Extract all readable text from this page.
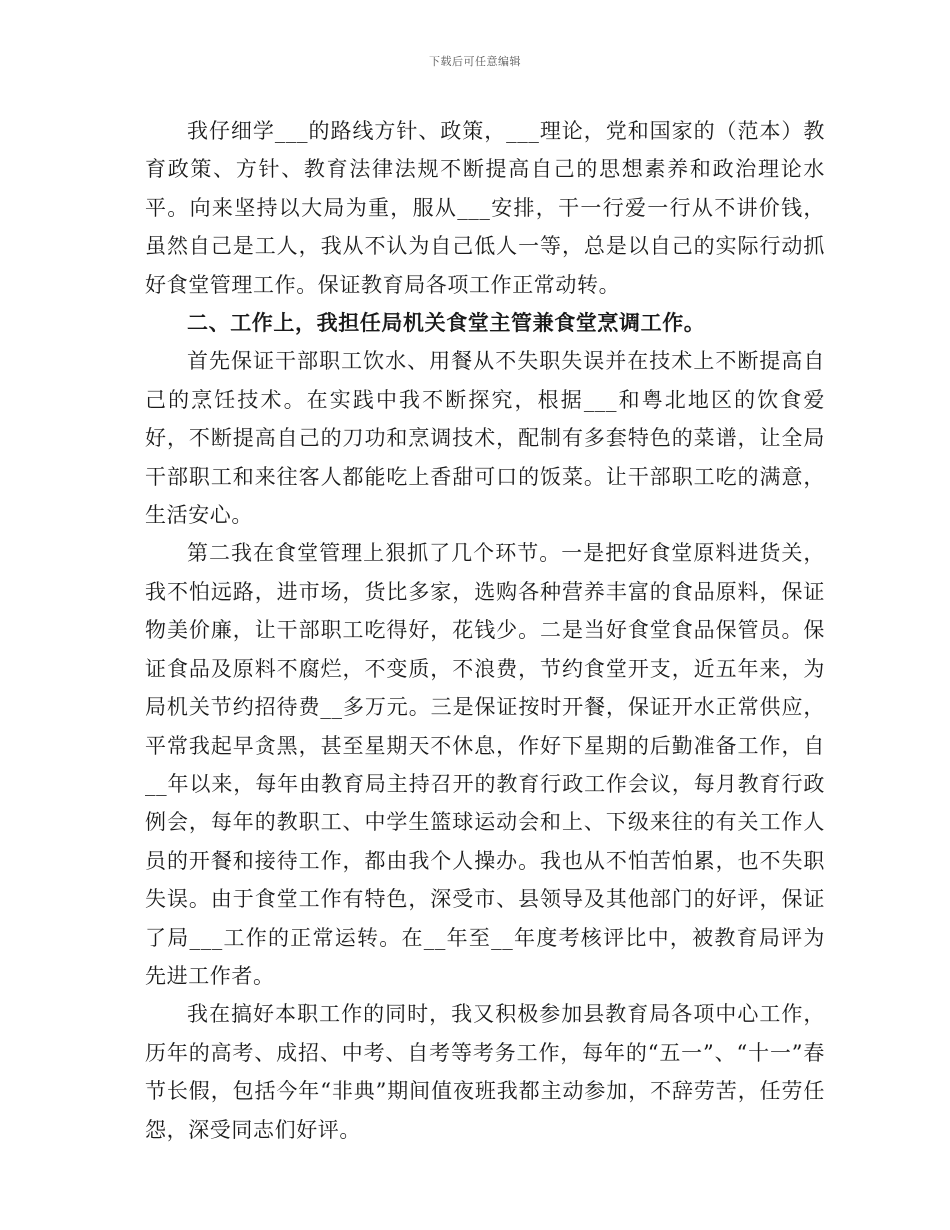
下载后可任意编辑

我仔细学___的路线方针、政策，___理论，党和国家的（范本）教育政策、方针、教育法律法规不断提高自己的思想素养和政治理论水平。向来坚持以大局为重，服从___安排，干一行爱一行从不讲价钱，虽然自己是工人，我从不认为自己低人一等，总是以自己的实际行动抓好食堂管理工作。保证教育局各项工作正常动转。

二、工作上，我担任局机关食堂主管兼食堂烹调工作。

首先保证干部职工饮水、用餐从不失职失误并在技术上不断提高自己的烹饪技术。在实践中我不断探究，根据___和粤北地区的饮食爱好，不断提高自己的刀功和烹调技术，配制有多套特色的菜谱，让全局干部职工和来往客人都能吃上香甜可口的饭菜。让干部职工吃的满意，生活安心。

第二我在食堂管理上狠抓了几个环节。一是把好食堂原料进货关，我不怕远路，进市场，货比多家，选购各种营养丰富的食品原料，保证物美价廉，让干部职工吃得好，花钱少。二是当好食堂食品保管员。保证食品及原料不腐烂，不变质，不浪费，节约食堂开支，近五年来，为局机关节约招待费__多万元。三是保证按时开餐，保证开水正常供应，平常我起早贪黑，甚至星期天不休息，作好下星期的后勤准备工作，自__年以来，每年由教育局主持召开的教育行政工作会议，每月教育行政例会，每年的教职工、中学生篮球运动会和上、下级来往的有关工作人员的开餐和接待工作，都由我个人操办。我也从不怕苦怕累，也不失职失误。由于食堂工作有特色，深受市、县领导及其他部门的好评，保证了局___工作的正常运转。在__年至__年度考核评比中，被教育局评为先进工作者。

我在搞好本职工作的同时，我又积极参加县教育局各项中心工作，历年的高考、成招、中考、自考等考务工作，每年的“五一”、“十一”春节长假，包括今年“非典”期间值夜班我都主动参加，不辞劳苦，任劳任怨，深受同志们好评。
